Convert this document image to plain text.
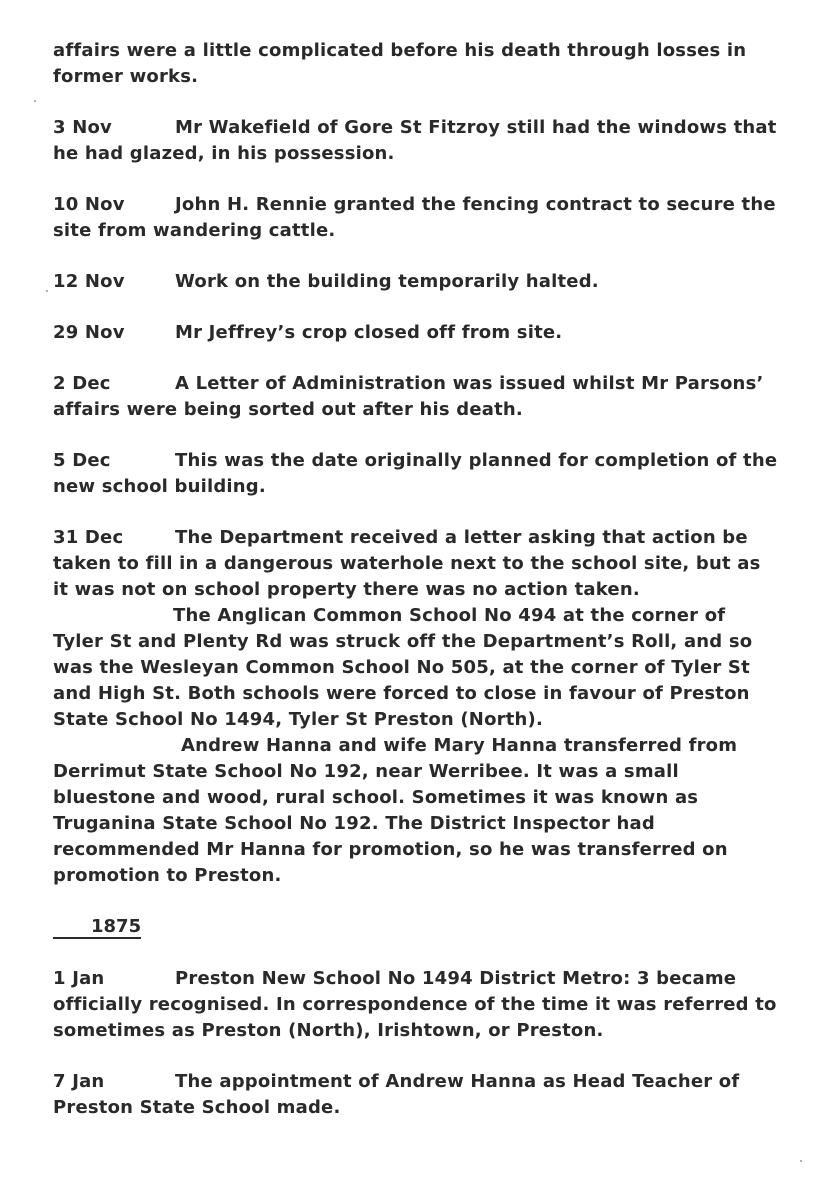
affairs were a little complicated before his death through losses in former works.

3 Nov	Mr Wakefield of Gore St Fitzroy still had the windows that he had glazed, in his possession.

10 Nov	John H. Rennie granted the fencing contract to secure the site from wandering cattle.

12 Nov	Work on the building temporarily halted.

29 Nov	Mr Jeffrey’s crop closed off from site.

2 Dec	A Letter of Administration was issued whilst Mr Parsons’ affairs were being sorted out after his death.

5 Dec	This was the date originally planned for completion of the new school building.

31 Dec	The Department received a letter asking that action be taken to fill in a dangerous waterhole next to the school site, but as it was not on school property there was no action taken.

The Anglican Common School No 494 at the corner of Tyler St and Plenty Rd was struck off the Department’s Roll, and so was the Wesleyan Common School No 505, at the corner of Tyler St and High St. Both schools were forced to close in favour of Preston State School No 1494, Tyler St Preston (North).

Andrew Hanna and wife Mary Hanna transferred from Derrimut State School No 192, near Werribee. It was a small bluestone and wood, rural school. Sometimes it was known as Truganina State School No 192. The District Inspector had recommended Mr Hanna for promotion, so he was transferred on promotion to Preston.

1875

1 Jan	Preston New School No 1494 District Metro: 3 became officially recognised. In correspondence of the time it was referred to sometimes as Preston (North), Irishtown, or Preston.

7 Jan	The appointment of Andrew Hanna as Head Teacher of Preston State School made.
